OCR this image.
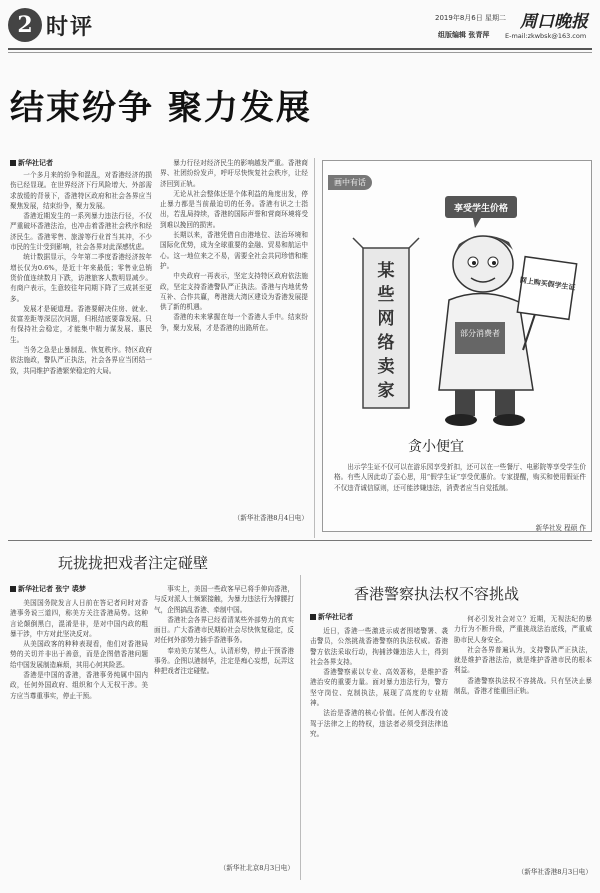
2 时评	2019年8月6日 星期二 周口晚报
组版编辑 张青萍 E-mail:zkwbsk@163.com
结束纷争 聚力发展
新华社记者

一个多月来的纷争和混乱，对香港经济的损伤已经显现。在世界经济下行风险增大、外部需求放缓的背景下，香港特区政府和社会各界应当聚焦发展，结束纷争，聚力发展。

香港近期发生的一系列暴力违法行径，不仅严重破坏香港法治，也冲击着香港社会秩序和经济民生。香港零售、旅游等行业首当其冲，不少市民的生计受到影响，社会各界对此深感忧虑。

统计数据显示，今年第二季度香港经济按年增长仅为0.6%，是近十年来最低；零售业总销货价值连续数月下跌，访港旅客人数明显减少。有商户表示，生意较往年同期下降了三成甚至更多。

发展才是硬道理。香港要解决住房、就业、贫富差距等深层次问题，归根结底要靠发展。只有保持社会稳定，才能集中精力谋发展、惠民生。

当务之急是止暴制乱、恢复秩序。特区政府依法施政，警队严正执法，社会各界应当团结一致，共同维护香港繁荣稳定的大局。

暴力行径对经济民生的影响越发严重。香港商界、社团纷纷发声，呼吁尽快恢复社会秩序，让经济回到正轨。

无论从社会整体还是个体利益的角度出发，停止暴力都是当前最迫切的任务。香港有识之士指出，若乱局持续，香港的国际声誉和营商环境将受到难以挽回的损害。

长期以来，香港凭借自由港地位、法治环境和国际化优势，成为全球重要的金融、贸易和航运中心。这一地位来之不易，需要全社会共同珍惜和维护。

中央政府一再表示，坚定支持特区政府依法施政，坚定支持香港警队严正执法。香港与内地优势互补、合作共赢，粤港澳大湾区建设为香港发展提供了新的机遇。

香港的未来掌握在每一个香港人手中。结束纷争，聚力发展，才是香港的出路所在。

（新华社香港8月4日电）
画中有话
某些网络卖家
享受学生价格
部分消费者
网上购买假学生证
贪小便宜

出示学生证不仅可以在游乐园享受折扣，还可以在一些餐厅、电影院等享受学生价格。有些人因此动了歪心思，用“假学生证”享受优惠价。专家提醒，购买和使用假证件不仅违背诚信原则，还可能涉嫌违法，消费者应当自觉抵制。

新华社发 程硕 作
玩拢拢把戏者注定碰壁
新华社记者 张宁 裘梦

美国国务院发言人日前在答记者问时对香港事务说三道四，称美方关注香港局势。这种言论颠倒黑白，混淆是非，是对中国内政的粗暴干涉，中方对此坚决反对。

从美国政客的种种表现看，他们对香港局势的关切并非出于善意，而是企图借香港问题给中国发展制造麻烦，其用心何其险恶。

香港是中国的香港，香港事务纯属中国内政，任何外国政府、组织和个人无权干涉。美方应当尊重事实，停止干预。

事实上，美国一些政客早已将手伸向香港，与反对派人士频繁接触，为暴力违法行为撑腰打气，企图搞乱香港、牵制中国。

香港社会各界已经看清某些外部势力的真实面目。广大香港市民期盼社会尽快恢复稳定，反对任何外部势力插手香港事务。

奉劝美方某些人，认清形势，停止干预香港事务。企图以港制华，注定是痴心妄想，玩弄这种把戏者注定碰壁。

（新华社北京8月3日电）
香港警察执法权不容挑战
新华社记者

近日，香港一些激进示威者围堵警署、袭击警员，公然挑战香港警察的执法权威。香港警方依法采取行动，拘捕涉嫌违法人士，得到社会各界支持。

香港警察素以专业、高效著称，是维护香港治安的重要力量。面对暴力违法行为，警方坚守岗位、克制执法，展现了高度的专业精神。

法治是香港的核心价值。任何人都没有凌驾于法律之上的特权，违法者必须受到法律追究。

何必引发社会对立？近期，无视法纪的暴力行为不断升级，严重挑战法治底线，严重威胁市民人身安全。

社会各界普遍认为，支持警队严正执法，就是维护香港法治，就是维护香港市民的根本利益。

香港警察执法权不容挑战。只有坚决止暴制乱，香港才能重回正轨。

（新华社香港8月3日电）
